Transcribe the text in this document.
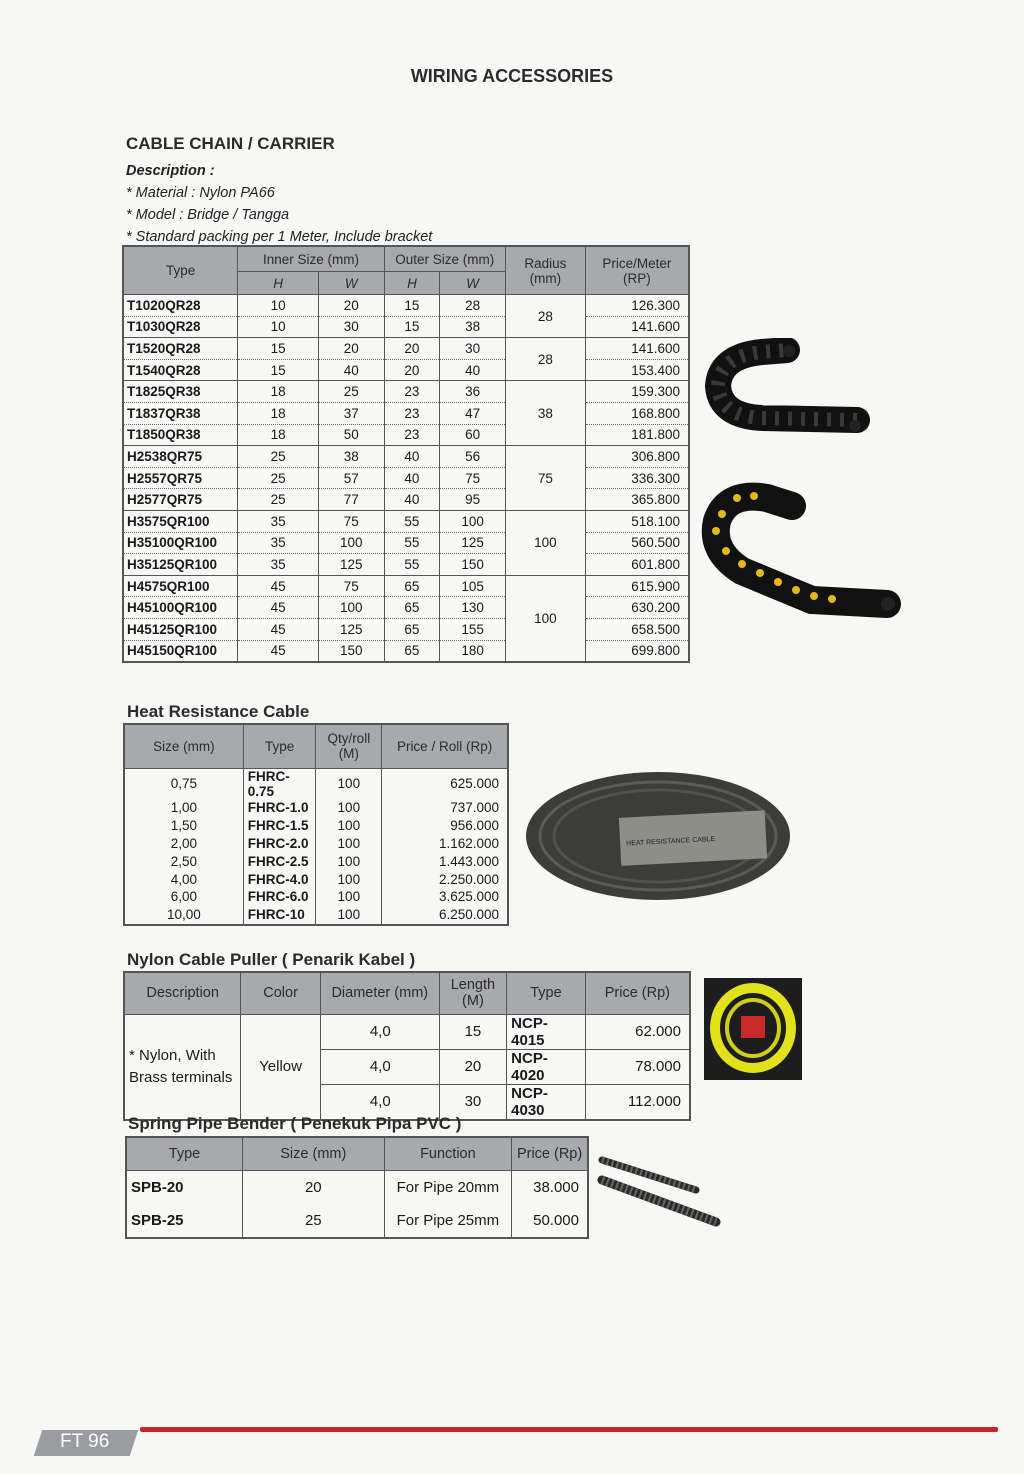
WIRING ACCESSORIES
CABLE CHAIN / CARRIER
Description :
* Material : Nylon PA66
* Model : Bridge / Tangga
* Standard packing per 1 Meter, Include bracket
Type	Inner Size (mm)		Outer Size (mm)		Radius (mm)	Price/Meter (RP)
	H	W	H	W		
T1020QR28	10	20	15	28	28	126.300
T1030QR28	10	30	15	38		141.600
T1520QR28	15	20	20	30	28	141.600
T1540QR28	15	40	20	40		153.400
T1825QR38	18	25	23	36	38	159.300
T1837QR38	18	37	23	47		168.800
T1850QR38	18	50	23	60		181.800
H2538QR75	25	38	40	56	75	306.800
H2557QR75	25	57	40	75		336.300
H2577QR75	25	77	40	95		365.800
H3575QR100	35	75	55	100	100	518.100
H35100QR100	35	100	55	125		560.500
H35125QR100	35	125	55	150		601.800
H4575QR100	45	75	65	105	100	615.900
H45100QR100	45	100	65	130		630.200
H45125QR100	45	125	65	155		658.500
H45150QR100	45	150	65	180		699.800
Heat Resistance Cable
Size (mm)	Type	Qty/roll (M)	Price / Roll (Rp)
0,75	FHRC-0.75	100	625.000
1,00	FHRC-1.0	100	737.000
1,50	FHRC-1.5	100	956.000
2,00	FHRC-2.0	100	1.162.000
2,50	FHRC-2.5	100	1.443.000
4,00	FHRC-4.0	100	2.250.000
6,00	FHRC-6.0	100	3.625.000
10,00	FHRC-10	100	6.250.000
HEAT RESISTANCE CABLE
Nylon Cable Puller ( Penarik Kabel )
Description	Color	Diameter (mm)	Length (M)	Type	Price (Rp)
* Nylon, With Brass terminals	Yellow	4,0	15	NCP-4015	62.000
		4,0	20	NCP-4020	78.000
		4,0	30	NCP-4030	112.000
Spring Pipe Bender ( Penekuk Pipa PVC )
Type	Size (mm)	Function	Price (Rp)
SPB-20	20	For Pipe 20mm	38.000
SPB-25	25	For Pipe 25mm	50.000
FT 96
